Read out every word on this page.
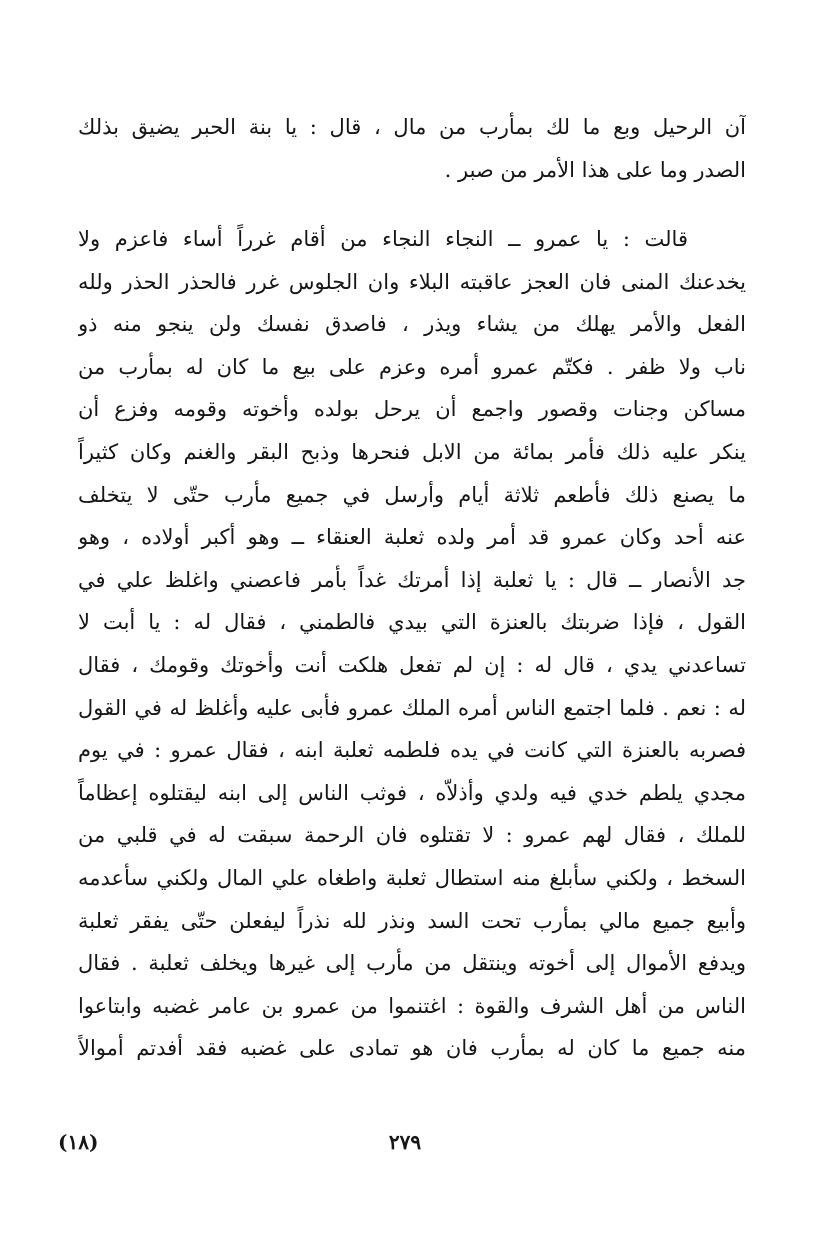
آن الرحيل وبع ما لك بمأرب من مال ، قال : يا بنة الحبر يضيق بذلك
الصدر وما على هذا الأمر من صبر .
قالت : يا عمرو ــ النجاء النجاء من أقام غرراً أساء فاعزم ولا
يخدعنك المنى فان العجز عاقبته البلاء وان الجلوس غرر فالحذر الحذر ولله
الفعل والأمر يهلك من يشاء ويذر ، فاصدق نفسك ولن ينجو منه ذو
ناب ولا ظفر . فكتّم عمرو أمره وعزم على بيع ما كان له بمأرب من
مساكن وجنات وقصور واجمع أن يرحل بولده وأخوته وقومه وفزع أن
ينكر عليه ذلك فأمر بمائة من الابل فنحرها وذبح البقر والغنم وكان كثيراً
ما يصنع ذلك فأطعم ثلاثة أيام وأرسل في جميع مأرب حتّى لا يتخلف
عنه أحد وكان عمرو قد أمر ولده ثعلبة العنقاء ــ وهو أكبر أولاده ، وهو
جد الأنصار ــ قال : يا ثعلبة إذا أمرتك غداً بأمر فاعصني واغلظ علي في
القول ، فإذا ضربتك بالعنزة التي بيدي فالطمني ، فقال له : يا أبت لا
تساعدني يدي ، قال له : إن لم تفعل هلكت أنت وأخوتك وقومك ، فقال
له : نعم . فلما اجتمع الناس أمره الملك عمرو فأبى عليه وأغلظ له في القول
فصربه بالعنزة التي كانت في يده فلطمه ثعلبة ابنه ، فقال عمرو : في يوم
مجدي يلطم خدي فيه ولدي وأذلاّه ، فوثب الناس إلى ابنه ليقتلوه إعظاماً
للملك ، فقال لهم عمرو : لا تقتلوه فان الرحمة سبقت له في قلبي من
السخط ، ولكني سأبلغ منه استطال ثعلبة واطغاه علي المال ولكني سأعدمه
وأبيع جميع مالي بمأرب تحت السد ونذر لله نذراً ليفعلن حتّى يفقر ثعلبة
ويدفع الأموال إلى أخوته وينتقل من مأرب إلى غيرها ويخلف ثعلبة . فقال
الناس من أهل الشرف والقوة : اغتنموا من عمرو بن عامر غضبه وابتاعوا
منه جميع ما كان له بمأرب فان هو تمادى على غضبه فقد أفدتم أموالاً
٢٧٩
(١٨)
